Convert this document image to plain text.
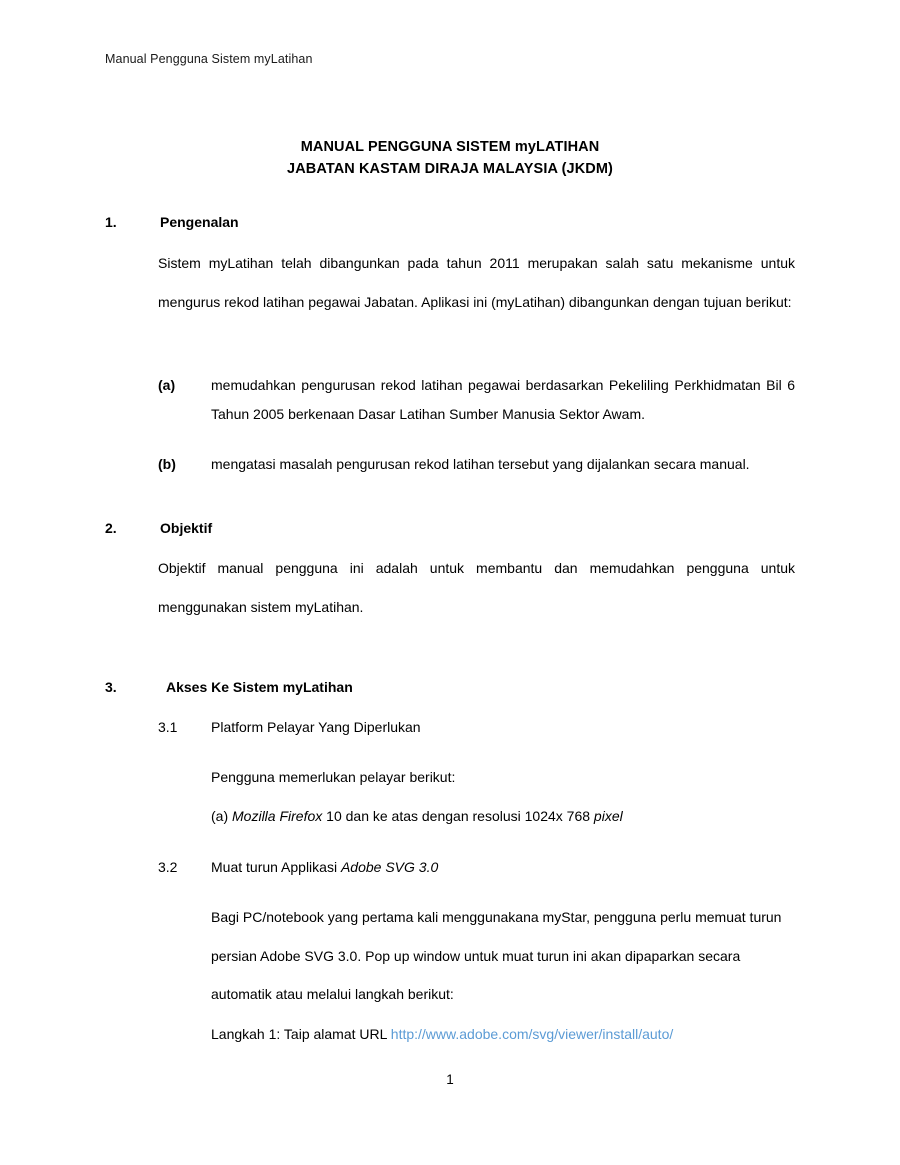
Manual Pengguna Sistem myLatihan
MANUAL PENGGUNA SISTEM myLATIHAN
JABATAN KASTAM DIRAJA MALAYSIA (JKDM)
1.	Pengenalan
Sistem myLatihan telah dibangunkan pada tahun 2011 merupakan salah satu mekanisme untuk mengurus rekod latihan pegawai Jabatan. Aplikasi ini (myLatihan) dibangunkan dengan tujuan berikut:
(a)	memudahkan pengurusan rekod latihan pegawai berdasarkan Pekeliling Perkhidmatan Bil 6 Tahun 2005 berkenaan Dasar Latihan Sumber Manusia Sektor Awam.
(b)	mengatasi masalah pengurusan rekod latihan tersebut yang dijalankan secara manual.
2.	Objektif
Objektif manual pengguna ini adalah untuk membantu dan memudahkan pengguna untuk menggunakan sistem myLatihan.
3.	Akses Ke Sistem myLatihan
3.1 Platform Pelayar Yang Diperlukan
Pengguna memerlukan pelayar berikut:
(a) Mozilla Firefox 10 dan ke atas dengan resolusi 1024x 768 pixel
3.2 Muat turun Applikasi Adobe SVG 3.0
Bagi PC/notebook yang pertama kali menggunakana myStar, pengguna perlu memuat turun persian Adobe SVG 3.0. Pop up window untuk muat turun ini akan dipaparkan secara automatik atau melalui langkah berikut:
Langkah 1: Taip alamat URL http://www.adobe.com/svg/viewer/install/auto/
1
